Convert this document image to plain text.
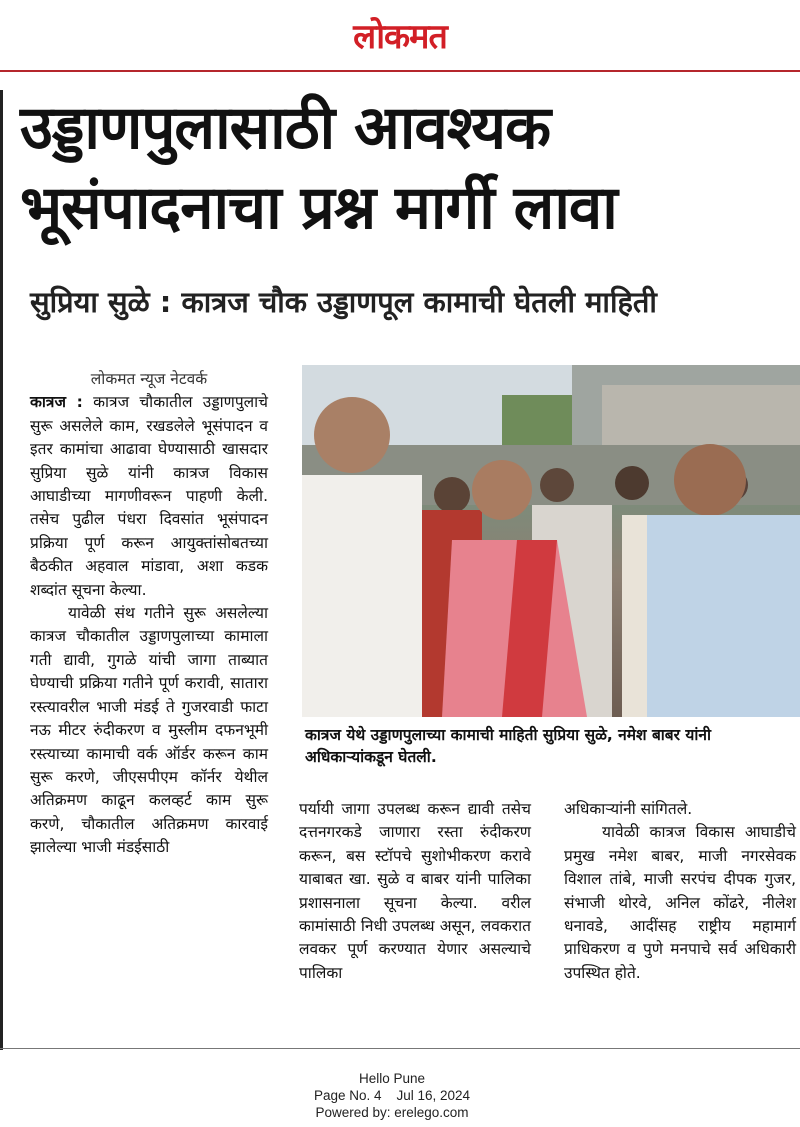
लोकमत
उड्डाणपुलासाठी आवश्यक भूसंपादनाचा प्रश्न मार्गी लावा
सुप्रिया सुळे : कात्रज चौक उड्डाणपूल कामाची घेतली माहिती
लोकमत न्यूज नेटवर्क

कात्रज : कात्रज चौकातील उड्डाणपुलाचे सुरू असलेले काम, रखडलेले भूसंपादन व इतर कामांचा आढावा घेण्यासाठी खासदार सुप्रिया सुळे यांनी कात्रज विकास आघाडीच्या मागणीवरून पाहणी केली. तसेच पुढील पंधरा दिवसांत भूसंपादन प्रक्रिया पूर्ण करून आयुक्तांसोबतच्या बैठकीत अहवाल मांडावा, अशा कडक शब्दांत सूचना केल्या.

यावेळी संथ गतीने सुरू असलेल्या कात्रज चौकातील उड्डाणपुलाच्या कामाला गती द्यावी, गुगळे यांची जागा ताब्यात घेण्याची प्रक्रिया गतीने पूर्ण करावी, सातारा रस्त्यावरील भाजी मंडई ते गुजरवाडी फाटा नऊ मीटर रुंदीकरण व मुस्लीम दफनभूमी रस्त्याच्या कामाची वर्क ऑर्डर करून काम सुरू करणे, जीएसपीएम कॉर्नर येथील अतिक्रमण काढून कलव्हर्ट काम सुरू करणे, चौकातील अतिक्रमण कारवाई झालेल्या भाजी मंडईसाठी

कात्रज येथे उड्डाणपुलाच्या कामाची माहिती सुप्रिया सुळे, नमेश बाबर यांनी अधिकाऱ्यांकडून घेतली.

पर्यायी जागा उपलब्ध करून द्यावी तसेच दत्तनगरकडे जाणारा रस्ता रुंदीकरण करून, बस स्टॉपचे सुशोभीकरण करावे याबाबत खा. सुळे व बाबर यांनी पालिका प्रशासनाला सूचना केल्या. वरील कामांसाठी निधी उपलब्ध असून, लवकरात लवकर पूर्ण करण्यात येणार असल्याचे पालिका

अधिकाऱ्यांनी सांगितले.

यावेळी कात्रज विकास आघाडीचे प्रमुख नमेश बाबर, माजी नगरसेवक विशाल तांबे, माजी सरपंच दीपक गुजर, संभाजी थोरवे, अनिल कोंढरे, नीलेश धनावडे, आदींसह राष्ट्रीय महामार्ग प्राधिकरण व पुणे मनपाचे सर्व अधिकारी उपस्थित होते.

Hello Pune
Page No. 4 Jul 16, 2024
Powered by: erelego.com
